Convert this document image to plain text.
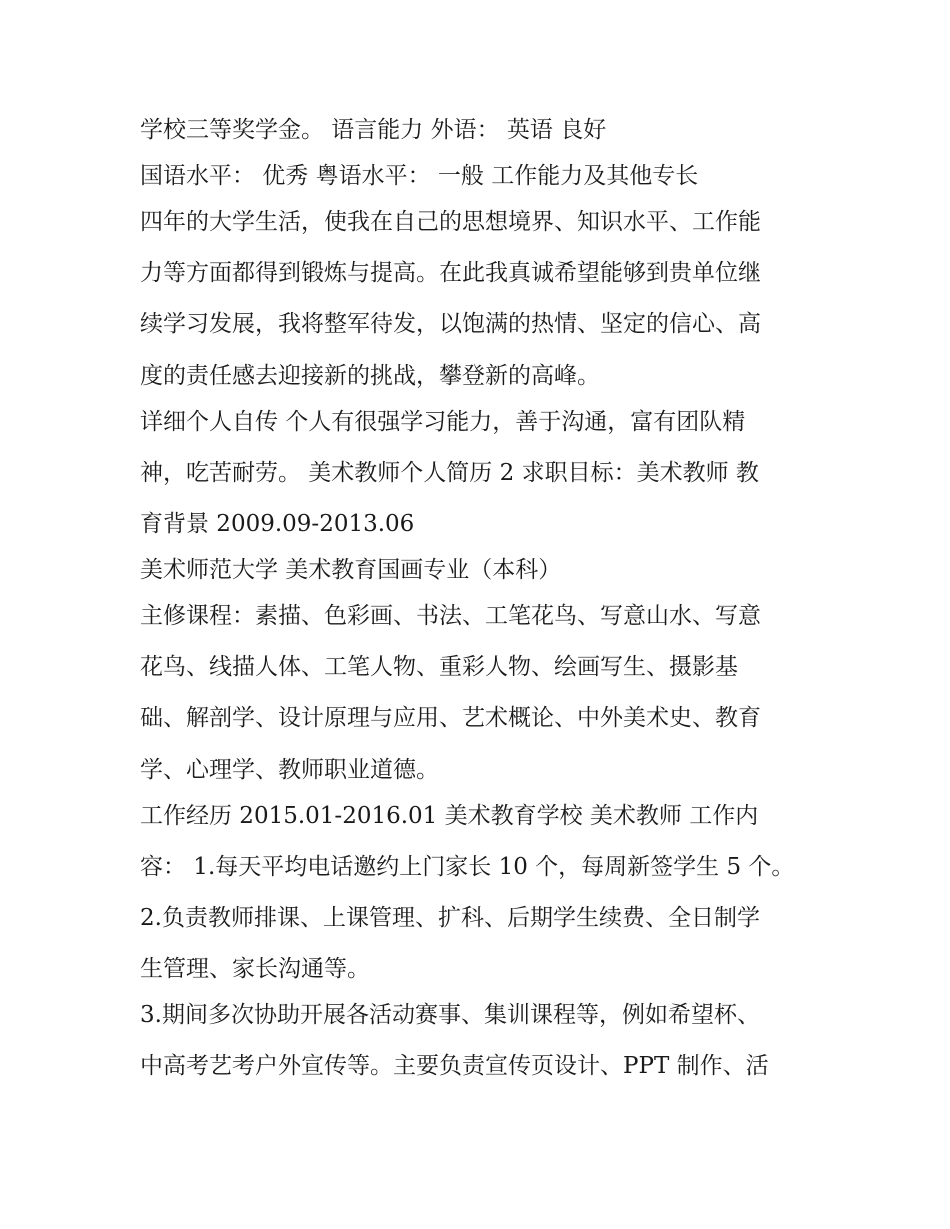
学校三等奖学金。 语言能力 外语： 英语 良好
国语水平： 优秀 粤语水平： 一般 工作能力及其他专长
四年的大学生活，使我在自己的思想境界、知识水平、工作能
力等方面都得到锻炼与提高。在此我真诚希望能够到贵单位继
续学习发展，我将整军待发，以饱满的热情、坚定的信心、高
度的责任感去迎接新的挑战，攀登新的高峰。
详细个人自传 个人有很强学习能力，善于沟通，富有团队精
神，吃苦耐劳。 美术教师个人简历 2 求职目标：美术教师 教
育背景 2009.09-2013.06
美术师范大学 美术教育国画专业（本科）
主修课程：素描、色彩画、书法、工笔花鸟、写意山水、写意
花鸟、线描人体、工笔人物、重彩人物、绘画写生、摄影基
础、解剖学、设计原理与应用、艺术概论、中外美术史、教育
学、心理学、教师职业道德。
工作经历 2015.01-2016.01 美术教育学校 美术教师 工作内
容： 1.每天平均电话邀约上门家长 10 个，每周新签学生 5 个。
2.负责教师排课、上课管理、扩科、后期学生续费、全日制学
生管理、家长沟通等。
3.期间多次协助开展各活动赛事、集训课程等，例如希望杯、
中高考艺考户外宣传等。主要负责宣传页设计、PPT 制作、活
